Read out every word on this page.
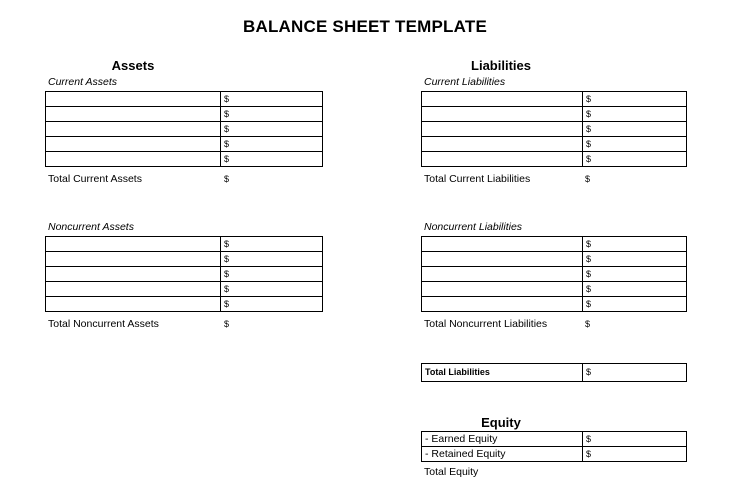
BALANCE SHEET TEMPLATE
Assets
Current Assets
	$
	$
	$
	$
	$
Total Current Assets	$
Noncurrent Assets
	$
	$
	$
	$
	$
Total Noncurrent Assets	$
Liabilities
Current Liabilities
	$
	$
	$
	$
	$
Total Current Liabilities	$
Noncurrent Liabilities
	$
	$
	$
	$
	$
Total Noncurrent Liabilities	$
Total Liabilities	$
Equity
- Earned Equity	$
- Retained Equity	$
Total Equity
